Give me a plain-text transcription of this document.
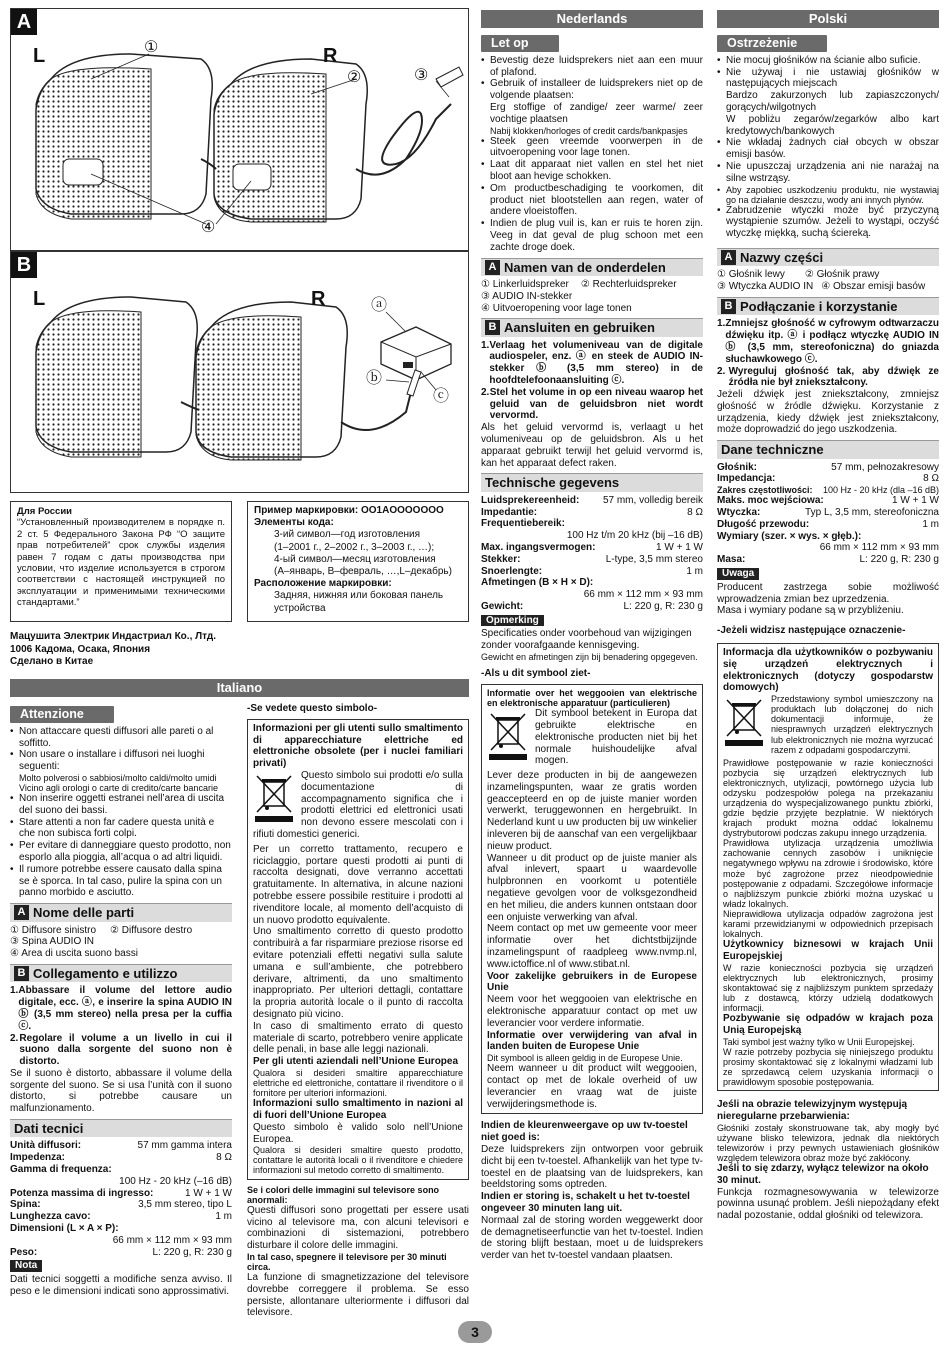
A
L	R
①
②	③
④
B
L	R	ⓐ
ⓑ
ⓒ
Для России
“Установленный производителем в порядке п. 2 ст. 5 Федерального Закона РФ “О защите прав потребителей” срок службы изделия равен 7 годам с даты производства при условии, что изделие используется в строгом соответствии с настоящей инструкцией по эксплуатации и применимыми техническими стандартами.”
Пример маркировки: OO1AOOOOOOO
Элементы кода:
3-ий символ—год изготовления
(1–2001 г., 2–2002 г., 3–2003 г., …);
4-ый символ—месяц изготовления
(А–январь, В–февраль, …,L–декабрь)
Расположение маркировки:
Задняя, нижняя или боковая панель устройства
Мацушита Электрик Индастриал Ко., Лтд.
1006 Кадома, Осака, Япония
Сделано в Китае
Italiano
Attenzione
• Non attaccare questi diffusori alle pareti o al soffitto.
• Non usare o installare i diffusori nei luoghi seguenti:
Molto polverosi o sabbiosi/molto caldi/molto umidi
Vicino agli orologi o carte di credito/carte bancarie
• Non inserire oggetti estranei nell’area di uscita del suono dei bassi.
• Stare attenti a non far cadere questa unità e che non subisca forti colpi.
• Per evitare di danneggiare questo prodotto, non esporlo alla pioggia, all’acqua o ad altri liquidi.
• Il rumore potrebbe essere causato dalla spina se è sporca. In tal caso, pulire la spina con un panno morbido e asciutto.
A Nome delle parti
① Diffusore sinistro ② Diffusore destro
③ Spina AUDIO IN
④ Area di uscita suono bassi
B Collegamento e utilizzo
1. Abbassare il volume del lettore audio digitale, ecc. ⓐ, e inserire la spina AUDIO IN ⓑ (3,5 mm stereo) nella presa per la cuffia ⓒ.
2. Regolare il volume a un livello in cui il suono dalla sorgente del suono non è distorto.
Se il suono è distorto, abbassare il volume della sorgente del suono. Se si usa l’unità con il suono distorto, si potrebbe causare un malfunzionamento.
Dati tecnici
Unità diffusori:	57 mm gamma intera
Impedenza:	8 Ω
Gamma di frequenza:
100 Hz - 20 kHz (–16 dB)
Potenza massima di ingresso:	1 W + 1 W
Spina:	3,5 mm stereo, tipo L
Lunghezza cavo:	1 m
Dimensioni (L × A × P):
66 mm × 112 mm × 93 mm
Peso:	L: 220 g, R: 230 g
Nota
Dati tecnici soggetti a modifiche senza avviso. Il peso e le dimensioni indicati sono approssimativi.
-Se vedete questo simbolo-
Informazioni per gli utenti sullo smaltimento di apparecchiature elettriche ed elettroniche obsolete (per i nuclei familiari privati)
Questo simbolo sui prodotti e/o sulla documentazione di accompagnamento significa che i prodotti elettrici ed elettronici usati non devono essere mescolati con i rifiuti domestici generici.
Per un corretto trattamento, recupero e riciclaggio, portare questi prodotti ai punti di raccolta designati, dove verranno accettati gratuitamente. In alternativa, in alcune nazioni potrebbe essere possibile restituire i prodotti al rivenditore locale, al momento dell’acquisto di un nuovo prodotto equivalente.
Uno smaltimento corretto di questo prodotto contribuirà a far risparmiare preziose risorse ed evitare potenziali effetti negativi sulla salute umana e sull’ambiente, che potrebbero derivare, altrimenti, da uno smaltimento inappropriato. Per ulteriori dettagli, contattare la propria autorità locale o il punto di raccolta designato più vicino.
In caso di smaltimento errato di questo materiale di scarto, potrebbero venire applicate delle penali, in base alle leggi nazionali.
Per gli utenti aziendali nell’Unione Europea
Qualora si desideri smaltire apparecchiature elettriche ed elettroniche, contattare il rivenditore o il fornitore per ulteriori informazioni.
Informazioni sullo smaltimento in nazioni al di fuori dell’Unione Europea
Questo simbolo è valido solo nell’Unione Europea.
Qualora si desideri smaltire questo prodotto, contattare le autorità locali o il rivenditore e chiedere informazioni sul metodo corretto di smaltimento.
Se i colori delle immagini sul televisore sono anormali:
Questi diffusori sono progettati per essere usati vicino al televisore ma, con alcuni televisori e combinazioni di sistemazioni, potrebbero disturbare il colore delle immagini.
In tal caso, spegnere il televisore per 30 minuti circa.
La funzione di smagnetizzazione del televisore dovrebbe correggere il problema. Se esso persiste, allontanare ulteriormente i diffusori dal televisore.
Nederlands
Let op
• Bevestig deze luidsprekers niet aan een muur of plafond.
• Gebruik of installeer de luidsprekers niet op de volgende plaatsen:
Erg stoffige of zandige/ zeer warme/ zeer vochtige plaatsen
Nabij klokken/horloges of credit cards/bankpasjes
• Steek geen vreemde voorwerpen in de uitvoeropening voor lage tonen.
• Laat dit apparaat niet vallen en stel het niet bloot aan hevige schokken.
• Om productbeschadiging te voorkomen, dit product niet blootstellen aan regen, water of andere vloeistoffen.
• Indien de plug vuil is, kan er ruis te horen zijn. Veeg in dat geval de plug schoon met een zachte droge doek.
A Namen van de onderdelen
① Linkerluidspreker ② Rechterluidspreker
③ AUDIO IN-stekker
④ Uitvoeropening voor lage tonen
B Aansluiten en gebruiken
1. Verlaag het volumeniveau van de digitale audiospeler, enz. ⓐ en steek de AUDIO IN-stekker ⓑ (3,5 mm stereo) in de hoofdtelefoonaansluiting ⓒ.
2. Stel het volume in op een niveau waarop het geluid van de geluidsbron niet wordt vervormd.
Als het geluid vervormd is, verlaagt u het volumeniveau op de geluidsbron. Als u het apparaat gebruikt terwijl het geluid vervormd is, kan het apparaat defect raken.
Technische gegevens
Luidsprekereenheid: 57 mm, volledig bereik
Impedantie:	8 Ω
Frequentiebereik:
100 Hz t/m 20 kHz (bij –16 dB)
Max. ingangsvermogen:	1 W + 1 W
Stekker:	L-type, 3,5 mm stereo
Snoerlengte:	1 m
Afmetingen (B × H × D):
66 mm × 112 mm × 93 mm
Gewicht:	L: 220 g, R: 230 g
Opmerking
Specificaties onder voorbehoud van wijzigingen zonder voorafgaande kennisgeving.
Gewicht en afmetingen zijn bij benadering opgegeven.
-Als u dit symbool ziet-
Informatie over het weggooien van elektrische en elektronische apparatuur (particulieren)
Dit symbool betekent in Europa dat gebruikte elektrische en elektronische producten niet bij het normale huishoudelijke afval mogen.
Lever deze producten in bij de aangewezen inzamelingspunten, waar ze gratis worden geaccepteerd en op de juiste manier worden verwerkt, teruggewonnen en hergebruikt. In Nederland kunt u uw producten bij uw winkelier inleveren bij de aanschaf van een vergelijkbaar nieuw product.
Wanneer u dit product op de juiste manier als afval inlevert, spaart u waardevolle hulpbronnen en voorkomt u potentiële negatieve gevolgen voor de volksgezondheid en het milieu, die anders kunnen ontstaan door een onjuiste verwerking van afval.
Neem contact op met uw gemeente voor meer informatie over het dichtstbijzijnde inzamelingspunt of raadpleeg www.nvmp.nl, www.ictoffice.nl of www.stibat.nl.
Voor zakelijke gebruikers in de Europese Unie
Neem voor het weggooien van elektrische en elektronische apparatuur contact op met uw leverancier voor verdere informatie.
Informatie over verwijdering van afval in landen buiten de Europese Unie
Dit symbool is alleen geldig in de Europese Unie.
Neem wanneer u dit product wilt weggooien, contact op met de lokale overheid of uw leverancier en vraag wat de juiste verwijderingsmethode is.
Indien de kleurenweergave op uw tv-toestel niet goed is:
Deze luidsprekers zijn ontworpen voor gebruik dicht bij een tv-toestel. Afhankelijk van het type tv-toestel en de plaatsing van de luidsprekers, kan beeldstoring soms optreden.
Indien er storing is, schakelt u het tv-toestel ongeveer 30 minuten lang uit.
Normaal zal de storing worden weggewerkt door de demagnetiseerfunctie van het tv-toestel. Indien de storing blijft bestaan, moet u de luidsprekers verder van het tv-toestel vandaan plaatsen.
Polski
Ostrzeżenie
• Nie mocuj głośników na ścianie albo suficie.
• Nie używaj i nie ustawiaj głośników w następujących miejscach
Bardzo zakurzonych lub zapiaszczonych/ gorących/wilgotnych
W pobliżu zegarów/zegarków albo kart kredytowych/bankowych
• Nie wkładaj żadnych ciał obcych w obszar emisji basów.
• Nie upuszczaj urządzenia ani nie narażaj na silne wstrząsy.
• Aby zapobiec uszkodzeniu produktu, nie wystawiaj go na działanie deszczu, wody ani innych płynów.
• Zabrudzenie wtyczki może być przyczyną wystąpienie szumów. Jeżeli to wystąpi, oczyść wtyczkę miękką, suchą ściereką.
A Nazwy części
① Głośnik lewy ② Głośnik prawy
③ Wtyczka AUDIO IN ④ Obszar emisji basów
B Podłączanie i korzystanie
1. Zmniejsz głośność w cyfrowym odtwarzaczu dźwięku itp. ⓐ i podłącz wtyczkę AUDIO IN ⓑ (3,5 mm, stereofoniczna) do gniazda słuchawkowego ⓒ.
2. Wyreguluj głośność tak, aby dźwięk ze źródła nie był zniekształcony.
Jeżeli dźwięk jest zniekształcony, zmniejsz głośność w źródle dźwięku. Korzystanie z urządzenia, kiedy dźwięk jest zniekształcony, może doprowadzić do jego uszkodzenia.
Dane techniczne
Głośnik:	57 mm, pełnozakresowy
Impedancja:	8 Ω
Zakres częstotliwości: 100 Hz - 20 kHz (dla –16 dB)
Maks. moc wejściowa:	1 W + 1 W
Wtyczka:	Typ L, 3,5 mm, stereofoniczna
Długość przewodu:	1 m
Wymiary (szer. × wys. × głęb.):
66 mm × 112 mm × 93 mm
Masa:	L: 220 g, R: 230 g
Uwaga
Producent zastrzega sobie możliwość wprowadzenia zmian bez uprzedzenia.
Masa i wymiary podane są w przybliżeniu.
-Jeżeli widzisz następujące oznaczenie-
Informacja dla użytkowników o pozbywaniu się urządzeń elektrycznych i elektronicznych (dotyczy gospodarstw domowych)
Przedstawiony symbol umieszczony na produktach lub dołączonej do nich dokumentacji informuje, że niesprawnych urządzeń elektrycznych lub elektronicznych nie można wyrzucać razem z odpadami gospodarczymi.
Prawidłowe postępowanie w razie konieczności pozbycia się urządzeń elektrycznych lub elektronicznych, utylizacji, powtórnego użycia lub odzysku podzespołów polega na przekazaniu urządzenia do wyspecjalizowanego punktu zbiórki, gdzie będzie przyjęte bezpłatnie. W niektórych krajach produkt można oddać lokalnemu dystrybutorowi podczas zakupu innego urządzenia.
Prawidłowa utylizacja urządzenia umożliwia zachowanie cennych zasobów i uniknięcie negatywnego wpływu na zdrowie i środowisko, które może być zagrożone przez nieodpowiednie postępowanie z odpadami. Szczegółowe informacje o najbliższym punkcie zbiórki można uzyskać u władz lokalnych.
Nieprawidłowa utylizacja odpadów zagrożona jest karami przewidzianymi w odpowiednich przepisach lokalnych.
Użytkownicy biznesowi w krajach Unii Europejskiej
W razie konieczności pozbycia się urządzeń elektrycznych lub elektronicznych, prosimy skontaktować się z najbliższym punktem sprzedaży lub z dostawcą, którzy udzielą dodatkowych informacji.
Pozbywanie się odpadów w krajach poza Unią Europejską
Taki symbol jest ważny tylko w Unii Europejskej.
W razie potrzeby pozbycia się niniejszego produktu prosimy skontaktować się z lokalnymi władzami lub ze sprzedawcą celem uzyskania informacji o prawidłowym sposobie postępowania.
Jeśli na obrazie telewizyjnym występują nieregularne przebarwienia:
Głośniki zostały skonstruowane tak, aby mogły być używane blisko telewizora, jednak dla niektórych telewizorów i przy pewnych ustawieniach głośników względem telewizora obraz może być zakłócony.
Jeśli to się zdarzy, wyłącz telewizor na około 30 minut.
Funkcja rozmagnesowywania w telewizorze powinna usunąć problem. Jeśli niepożądany efekt nadal pozostanie, oddal głośniki od telewizora.
3
